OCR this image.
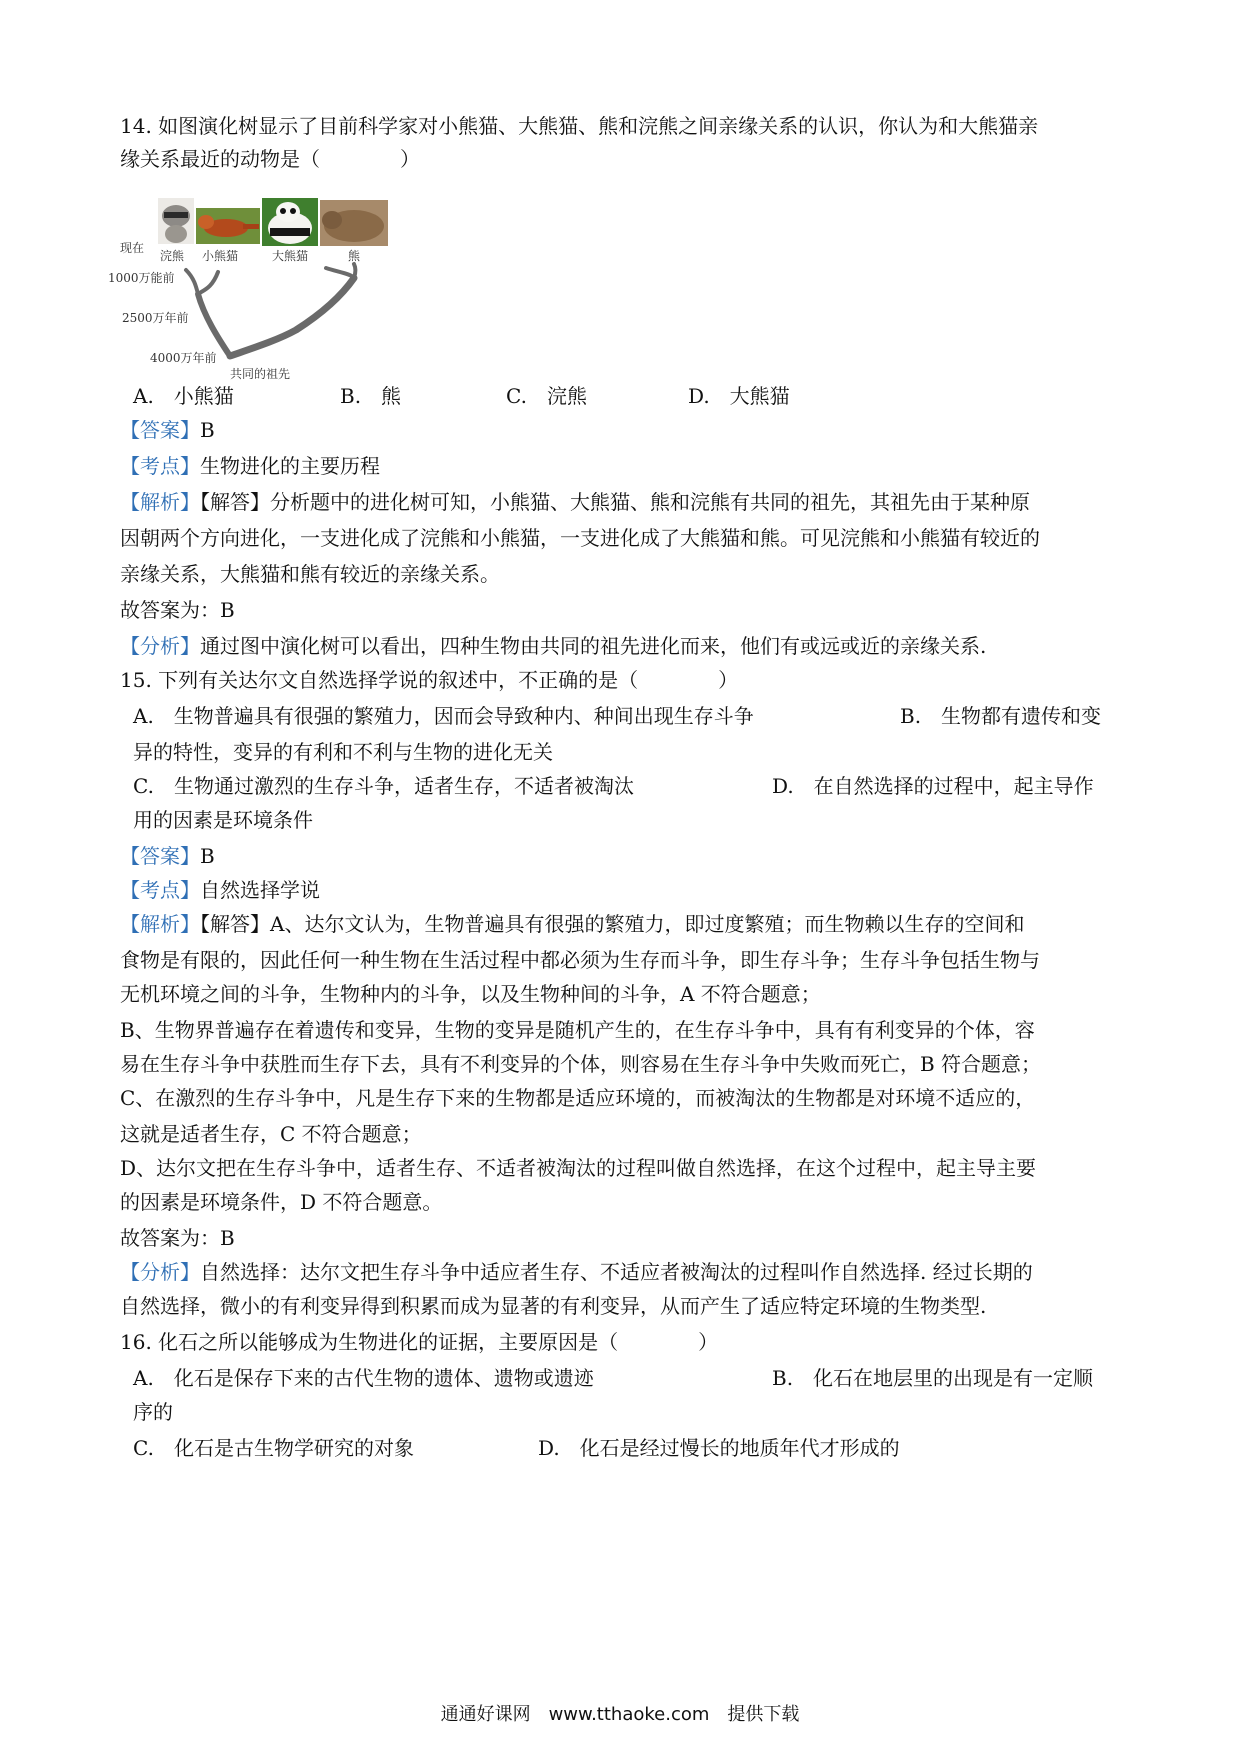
14. 如图演化树显示了目前科学家对小熊猫、大熊猫、熊和浣熊之间亲缘关系的认识，你认为和大熊猫亲
缘关系最近的动物是（　　　　）
现在
1000万能前
2500万年前
4000万年前
浣熊 小熊猫	大熊猫	熊
共同的祖先
A.　小熊猫	B.　熊	C.　浣熊	D.　大熊猫
【答案】B
【考点】生物进化的主要历程
【解析】【解答】分析题中的进化树可知，小熊猫、大熊猫、熊和浣熊有共同的祖先，其祖先由于某种原
因朝两个方向进化，一支进化成了浣熊和小熊猫，一支进化成了大熊猫和熊。可见浣熊和小熊猫有较近的
亲缘关系，大熊猫和熊有较近的亲缘关系。
故答案为：B
【分析】通过图中演化树可以看出，四种生物由共同的祖先进化而来，他们有或远或近的亲缘关系.
15. 下列有关达尔文自然选择学说的叙述中，不正确的是（　　　　）
A.　生物普遍具有很强的繁殖力，因而会导致种内、种间出现生存斗争	B.　生物都有遗传和变
异的特性，变异的有利和不利与生物的进化无关
C.　生物通过激烈的生存斗争，适者生存，不适者被淘汰	D.　在自然选择的过程中，起主导作
用的因素是环境条件
【答案】B
【考点】自然选择学说
【解析】【解答】A、达尔文认为，生物普遍具有很强的繁殖力，即过度繁殖；而生物赖以生存的空间和
食物是有限的，因此任何一种生物在生活过程中都必须为生存而斗争，即生存斗争；生存斗争包括生物与
无机环境之间的斗争，生物种内的斗争，以及生物种间的斗争，A 不符合题意；
B、生物界普遍存在着遗传和变异，生物的变异是随机产生的，在生存斗争中，具有有利变异的个体，容
易在生存斗争中获胜而生存下去，具有不利变异的个体，则容易在生存斗争中失败而死亡，B 符合题意；
C、在激烈的生存斗争中，凡是生存下来的生物都是适应环境的，而被淘汰的生物都是对环境不适应的，
这就是适者生存，C 不符合题意；
D、达尔文把在生存斗争中，适者生存、不适者被淘汰的过程叫做自然选择，在这个过程中，起主导主要
的因素是环境条件，D 不符合题意。
故答案为：B
【分析】自然选择：达尔文把生存斗争中适应者生存、不适应者被淘汰的过程叫作自然选择. 经过长期的
自然选择，微小的有利变异得到积累而成为显著的有利变异，从而产生了适应特定环境的生物类型.
16. 化石之所以能够成为生物进化的证据，主要原因是（　　　　）
A.　化石是保存下来的古代生物的遗体、遗物或遗迹	B.　化石在地层里的出现是有一定顺
序的
C.　化石是古生物学研究的对象	D.　化石是经过慢长的地质年代才形成的
通通好课网　www.tthaoke.com　提供下载
